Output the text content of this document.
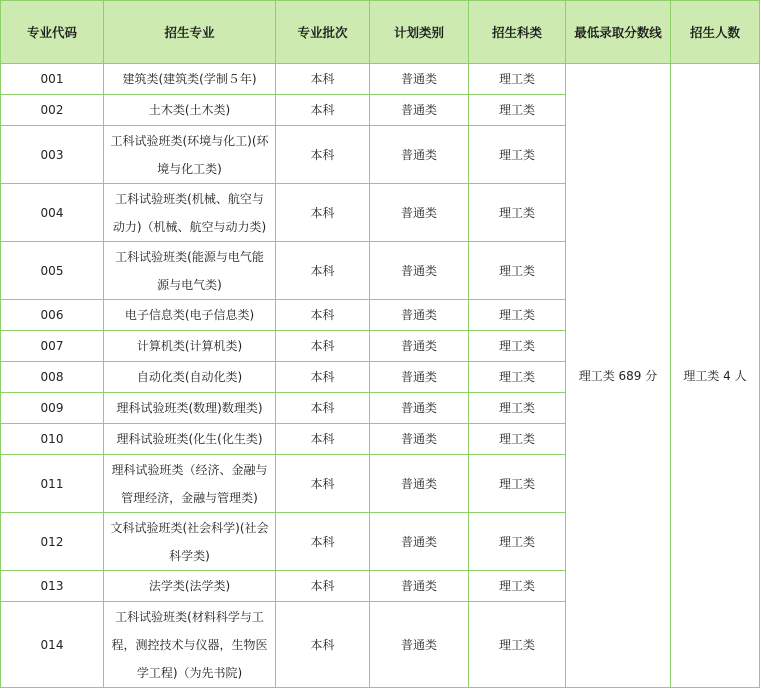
专业代码	招生专业	专业批次	计划类别	招生科类	最低录取分数线	招生人数
001	建筑类(建筑类(学制５年)	本科	普通类	理工类	理工类 689 分	理工类 4 人
002	土木类(土木类)	本科	普通类	理工类		
003	工科试验班类(环境与化工)(环境与化工类)	本科	普通类	理工类		
004	工科试验班类(机械、航空与动力)（机械、航空与动力类)	本科	普通类	理工类		
005	工科试验班类(能源与电气能源与电气类)	本科	普通类	理工类		
006	电子信息类(电子信息类)	本科	普通类	理工类		
007	计算机类(计算机类)	本科	普通类	理工类		
008	自动化类(自动化类)	本科	普通类	理工类		
009	理科试验班类(数理)数理类)	本科	普通类	理工类		
010	理科试验班类(化生(化生类)	本科	普通类	理工类		
011	理科试验班类（经济、金融与管理经济，金融与管理类)	本科	普通类	理工类		
012	文科试验班类(社会科学)(社会科学类)	本科	普通类	理工类		
013	法学类(法学类)	本科	普通类	理工类		
014	工科试验班类(材料科学与工程，测控技术与仪器，生物医学工程)（为先书院)	本科	普通类	理工类		
